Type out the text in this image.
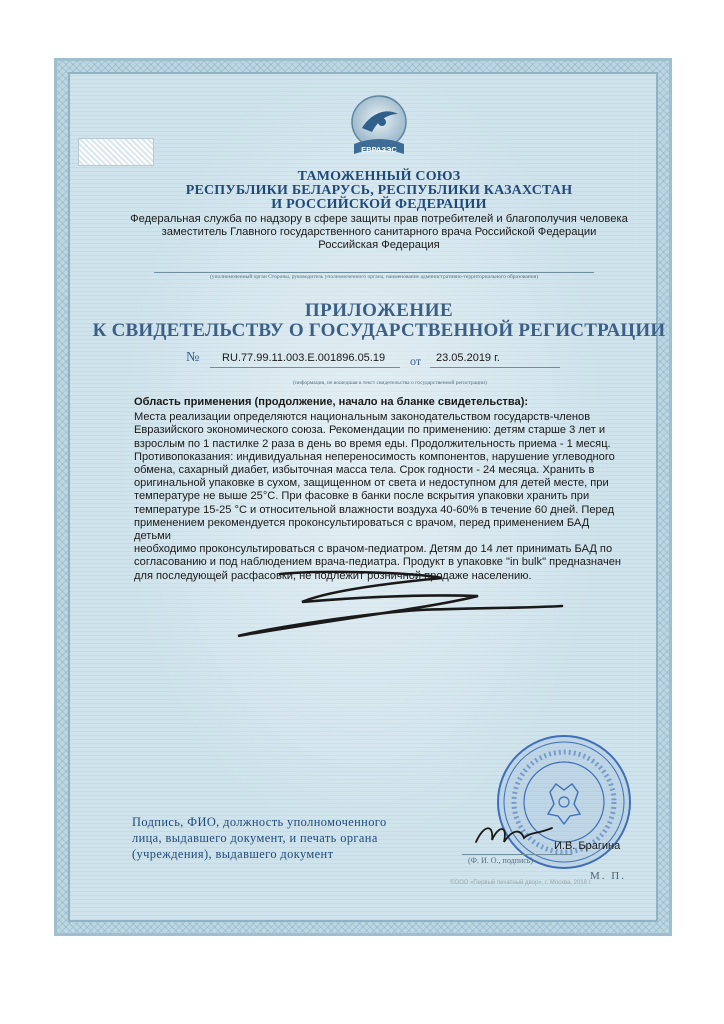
ЕВРАЗЭС
ТАМОЖЕННЫЙ СОЮЗ
РЕСПУБЛИКИ БЕЛАРУСЬ, РЕСПУБЛИКИ КАЗАХСТАН
И РОССИЙСКОЙ ФЕДЕРАЦИИ
Федеральная служба по надзору в сфере защиты прав потребителей и благополучия человека
заместитель Главного государственного санитарного врача Российской Федерации
Российская Федерация
(уполномоченный орган Стороны, руководитель уполномоченного органа, наименование административно-территориального образования)
ПРИЛОЖЕНИЕ
К СВИДЕТЕЛЬСТВУ О ГОСУДАРСТВЕННОЙ РЕГИСТРАЦИИ
№ RU.77.99.11.003.E.001896.05.19 от 23.05.2019 г.
(информация, не вошедшая в текст свидетельства о государственной регистрации)
Область применения (продолжение, начало на бланке свидетельства):
Места реализации определяются национальным законодательством государств-членов
Евразийского экономического союза. Рекомендации по применению: детям старше 3 лет и
взрослым по 1 пастилке 2 раза в день во время еды. Продолжительность приема - 1 месяц.
Противопоказания: индивидуальная непереносимость компонентов, нарушение углеводного
обмена, сахарный диабет, избыточная масса тела. Срок годности - 24 месяца. Хранить в
оригинальной упаковке в сухом, защищенном от света и недоступном для детей месте, при
температуре не выше 25°С. При фасовке в банки после вскрытия упаковки хранить при
температуре 15-25 °С и относительной влажности воздуха 40-60% в течение 60 дней. Перед
применением рекомендуется проконсультироваться с врачом, перед применением БАД детьми
необходимо проконсультироваться с врачом-педиатром. Детям до 14 лет принимать БАД по
согласованию и под наблюдением врача-педиатра. Продукт в упаковке "in bulk" предназначен
для последующей расфасовки, не подлежит розничной продаже населению.
Подпись, ФИО, должность уполномоченного
лица, выдавшего документ, и печать органа
(учреждения), выдавшего документ
И.В. Брагина
(Ф. И. О., подпись)
М. П.
©ООО «Первый печатный двор», г. Москва, 2018 г.
